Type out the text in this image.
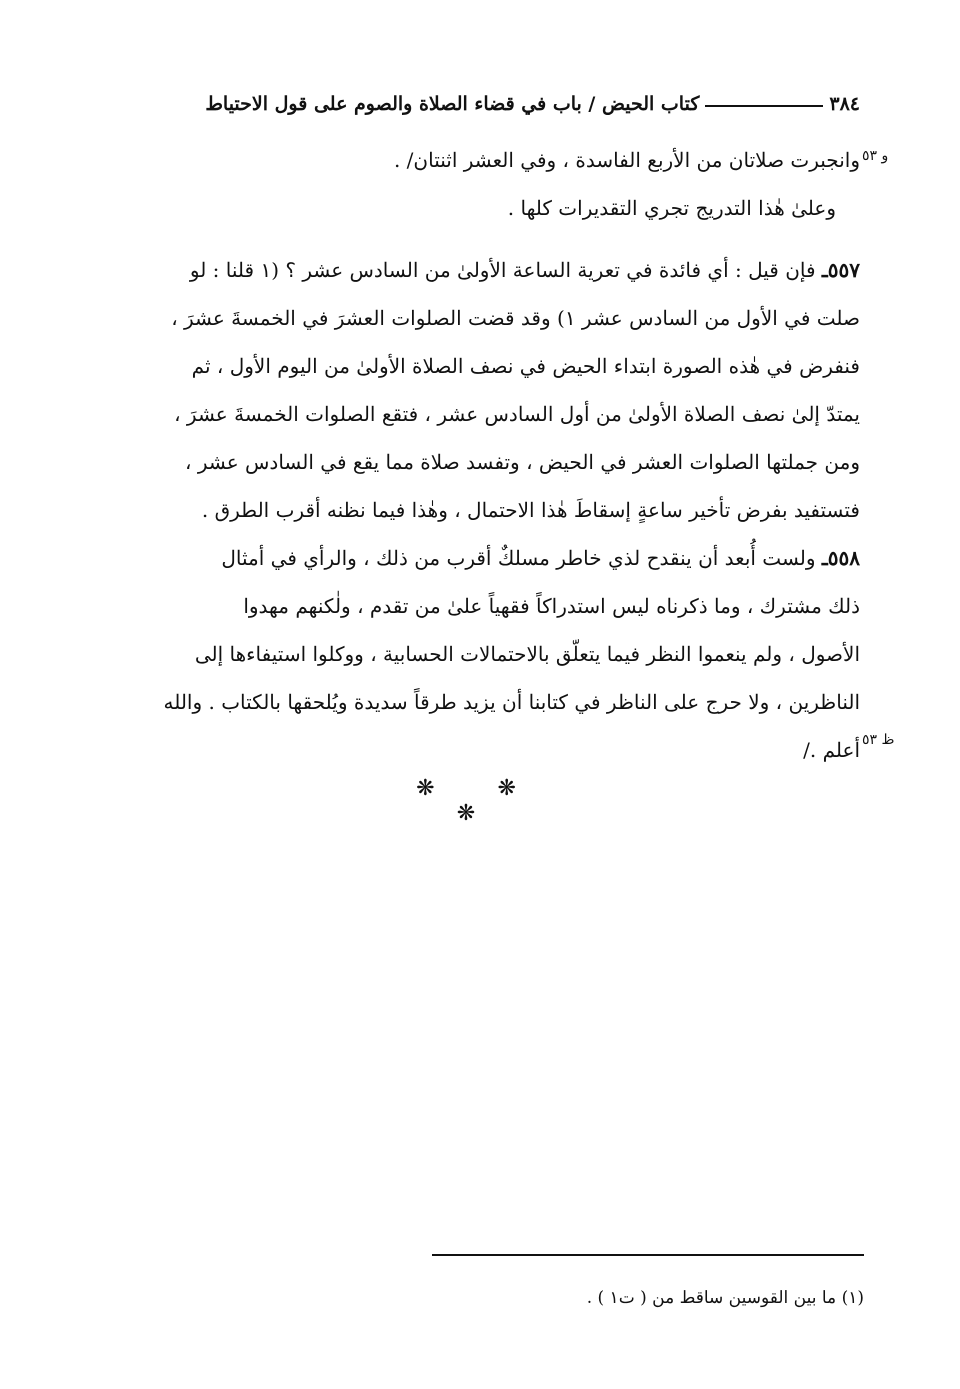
٣٨٤
كتاب الحيض / باب في قضاء الصلاة والصوم على قول الاحتياط
و ٥٣
وانجبرت صلاتان من الأربع الفاسدة ، وفي العشر اثنتان/ .
وعلىٰ هٰذا التدريج تجري التقديرات كلها .
٥٥٧ـ فإن قيل : أي فائدة في تعرية الساعة الأولىٰ من السادس عشر ؟ (١ قلنا : لو
صلت في الأول من السادس عشر ١) وقد قضت الصلوات العشرَ في الخمسةَ عشرَ ،
فنفرض في هٰذه الصورة ابتداء الحيض في نصف الصلاة الأولىٰ من اليوم الأول ، ثم
يمتدّ إلىٰ نصف الصلاة الأولىٰ من أول السادس عشر ، فتقع الصلوات الخمسةَ عشرَ ،
ومن جملتها الصلوات العشر في الحيض ، وتفسد صلاة مما يقع في السادس عشر ،
فتستفيد بفرض تأخير ساعةٍ إسقاطَ هٰذا الاحتمال ، وهٰذا فيما نظنه أقرب الطرق .
٥٥٨ـ ولست أُبعد أن ينقدح لذي خاطر مسلكٌ أقرب من ذلك ، والرأي في أمثال
ذلك مشترك ، وما ذكرناه ليس استدراكاً فقهياً علىٰ من تقدم ، ولٰكنهم مهدوا
الأصول ، ولم ينعموا النظر فيما يتعلّق بالاحتمالات الحسابية ، ووكلوا استيفاءها إلى
الناظرين ، ولا حرج على الناظر في كتابنا أن يزيد طرقاً سديدة ويُلحقها بالكتاب . والله
أعلم ./ ظ ٥٣
❋ ❋ ❋
(١) ما بين القوسين ساقط من ( ت١ ) .
